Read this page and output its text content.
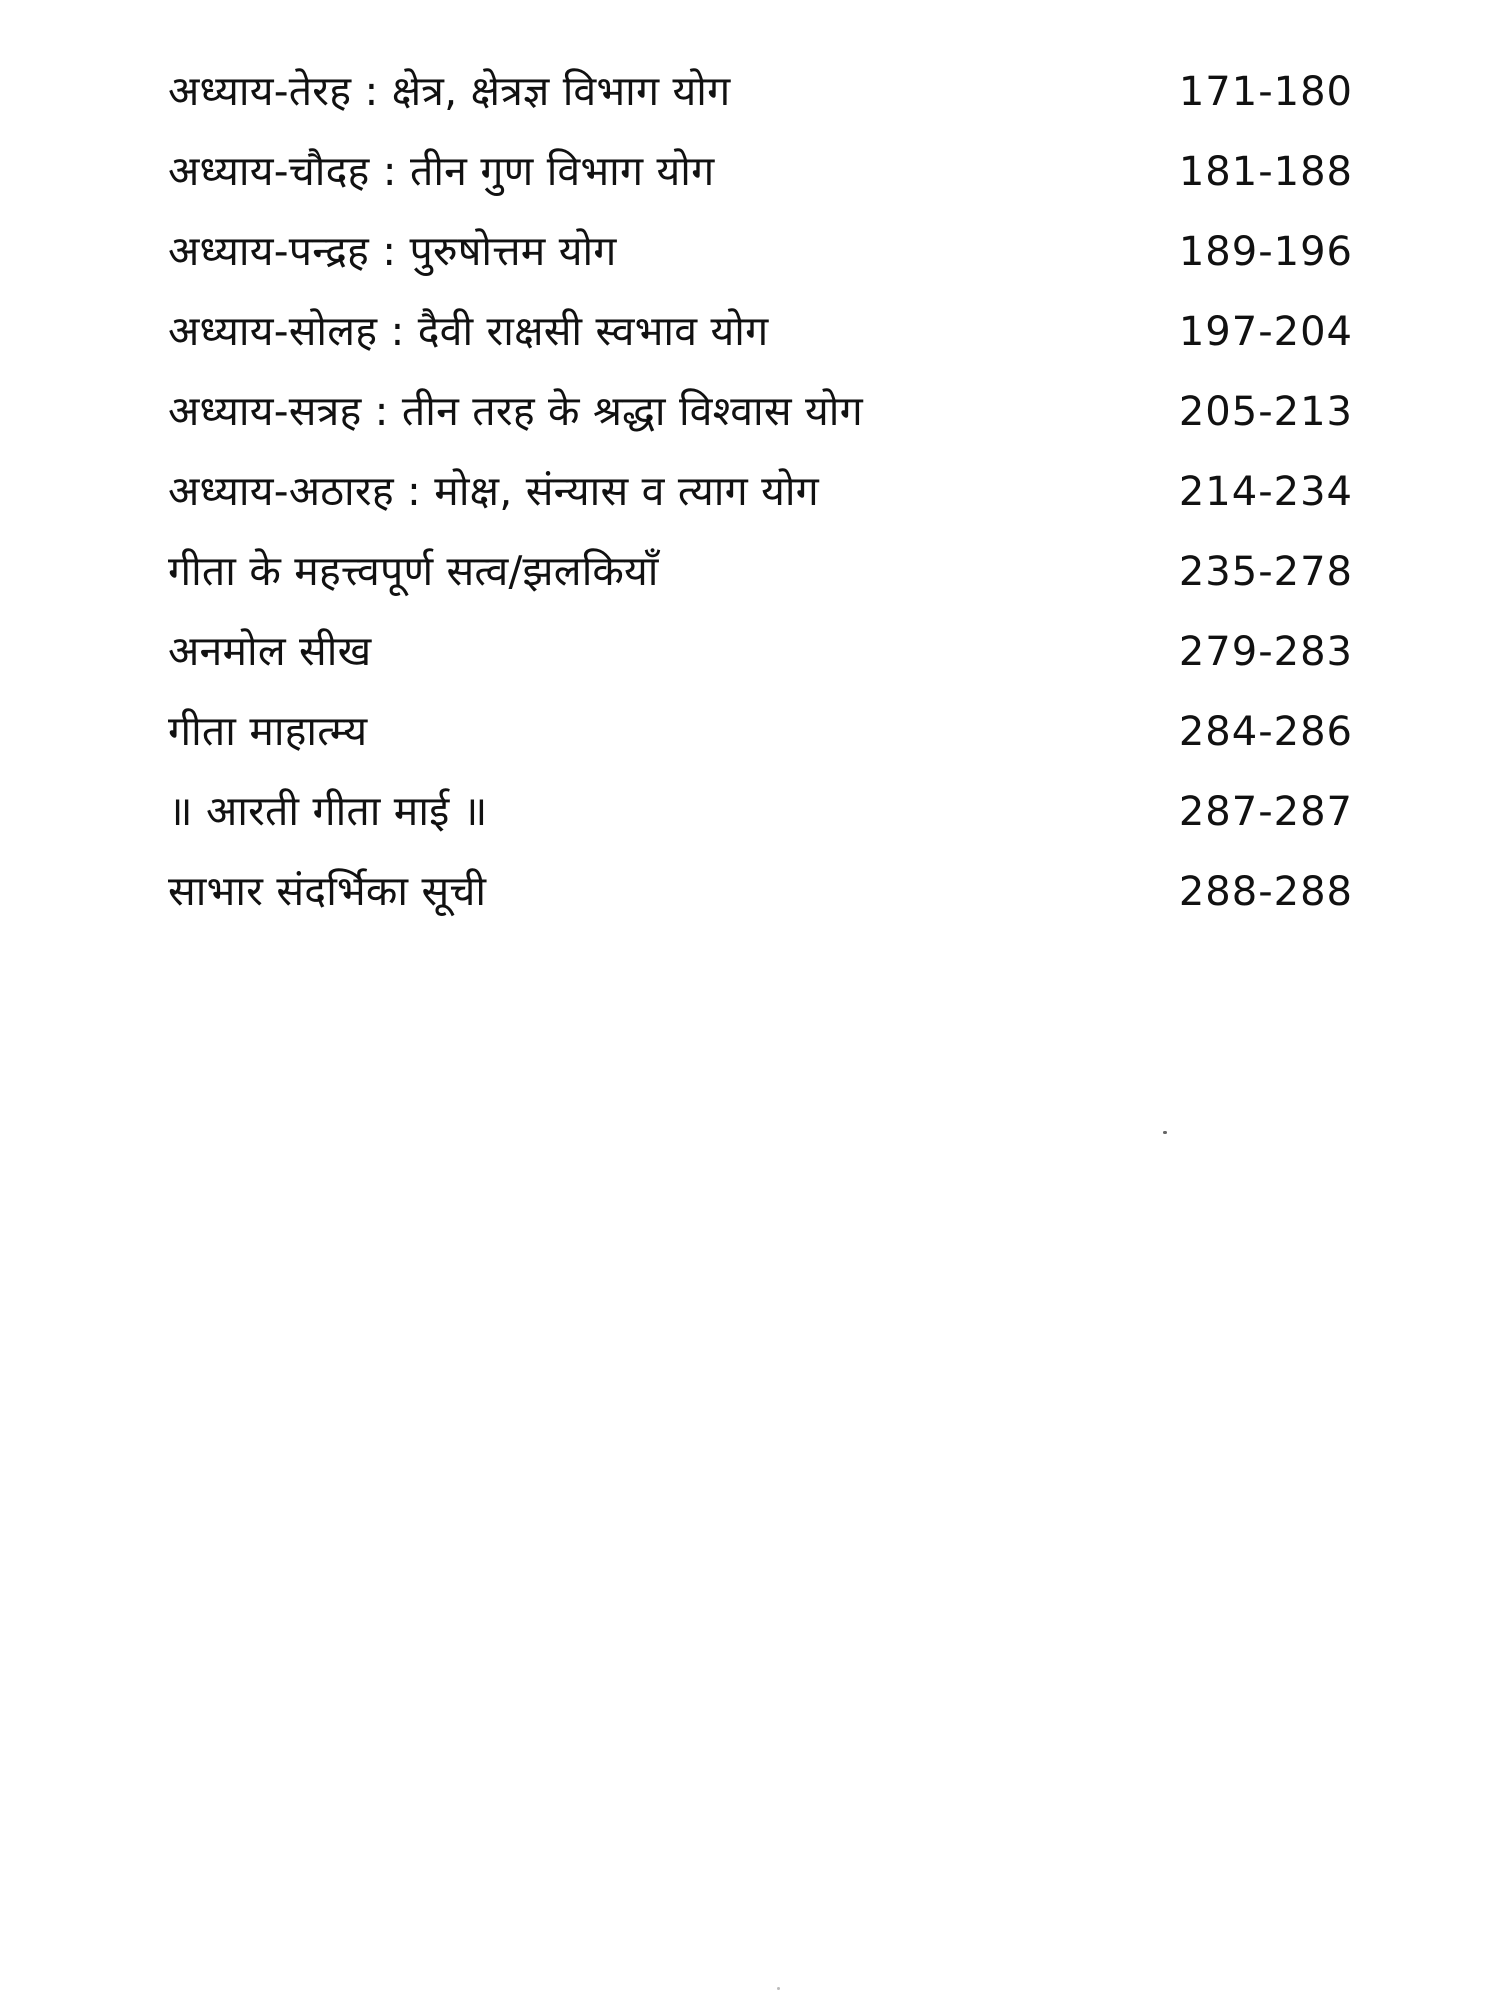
अध्याय-तेरह : क्षेत्र, क्षेत्रज्ञ विभाग योग	171-180
अध्याय-चौदह : तीन गुण विभाग योग	181-188
अध्याय-पन्द्रह : पुरुषोत्तम योग	189-196
अध्याय-सोलह : दैवी राक्षसी स्वभाव योग	197-204
अध्याय-सत्रह : तीन तरह के श्रद्धा विश्वास योग	205-213
अध्याय-अठारह : मोक्ष, संन्यास व त्याग योग	214-234
गीता के महत्त्वपूर्ण सत्व/झलकियाँ	235-278
अनमोल सीख	279-283
गीता माहात्म्य	284-286
॥ आरती गीता माई ॥	287-287
साभार संदर्भिका सूची	288-288
